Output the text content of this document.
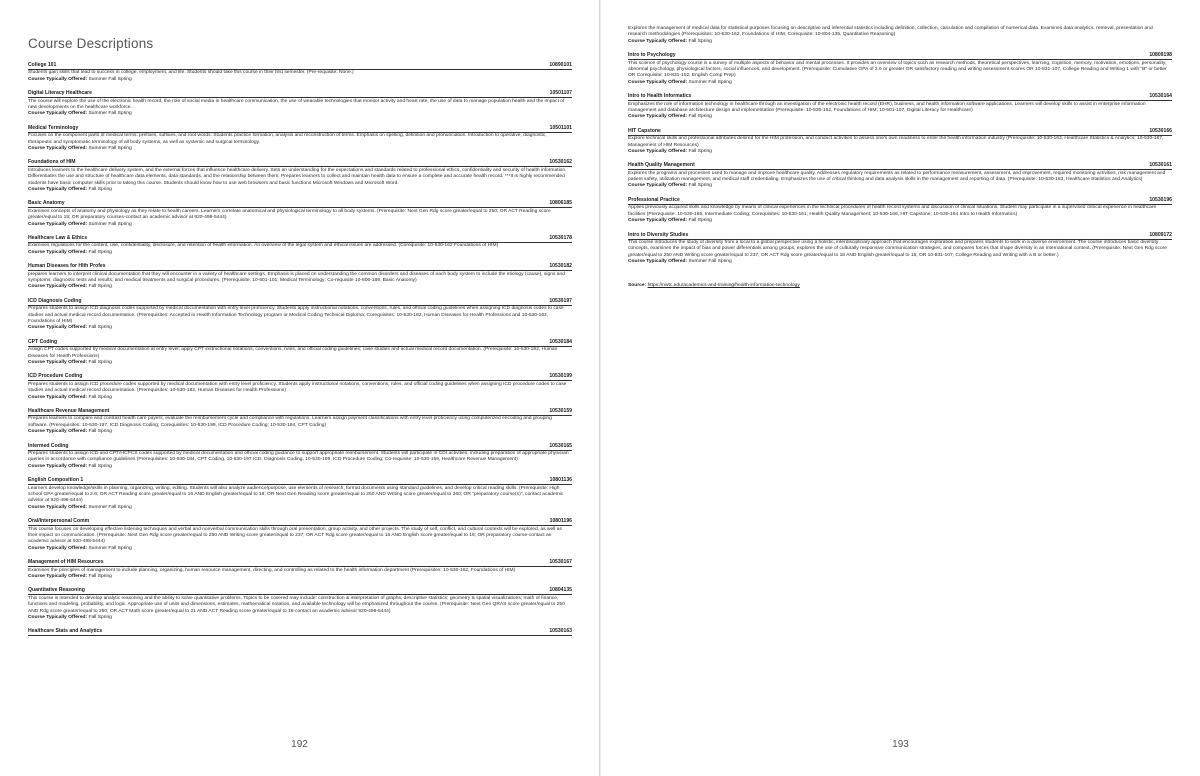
Course Descriptions
College 101	10890101
Students gain skills that lead to success in college, employment, and life. Students should take this course in their first semester. (Pre-requisite: None.)
Course Typically Offered: Summer Fall Spring
Digital Literacy Healthcare	10501107
The course will explore the use of the electronic health record, the role of social media in healthcare communication, the use of wearable technologies that monitor activity and heart rate, the use of data to manage population health and the impact of new developments on the healthcare workforce.
Course Typically Offered: Summer Fall Spring
Medical Terminology	10501101
Focuses on the component parts of medical terms: prefixes, suffixes, and root words. Students practice formation, analysis and reconstruction of terms. Emphasis on spelling, definition and pronunciation. Introduction to operative, diagnostic, therapeutic and symptomatic terminology of all body systems, as well as systemic and surgical terminology.
Course Typically Offered: Summer Fall Spring
Foundations of HIM	10530162
Introduces learners to the healthcare delivery system, and the external forces that influence healthcare delivery. Sets an understanding for the expectations and standards related to professional ethics, confidentiality and security of health information. Differentiates the use and structure of healthcare data elements, data standards, and the relationship between them. Prepares learners to collect and maintain health data to ensure a complete and accurate health record. ***It is highly recommended students have basic computer skills prior to taking this course. Students should know how to use web browsers and basic functions Microsoft Windows and Microsoft Word.
Course Typically Offered: Fall Spring
Basic Anatomy	10806185
Examines concepts of anatomy and physiology as they relate to health careers. Learners correlate anatomical and physiological terminology to all body systems. (Prerequisite: Next Gen Rdg score greater/equal to 250; OR ACT Reading score greater/equal to 15; OR preparatory courses-contact an academic advisor at 920-498-5444)
Course Typically Offered: Summer Fall Spring
Healthcare Law & Ethics	10530178
Examines regulations for the content, use, confidentiality, disclosure, and retention of health information. An overview of the legal system and ethical issues are addressed. (Corequisite: 10-530-162 Foundations of HIM)
Course Typically Offered: Fall Spring
Human Diseases for Hlth Profes	10530182
prepares learners to interpret clinical documentation that they will encounter in a variety of healthcare settings. Emphasis is placed on understanding the common disorders and diseases of each body system to include the etiology (cause), signs and symptoms, diagnostic tests and results, and medical treatments and surgical procedures. (Prerequisite: 10-501-101, Medical Terminology; Co-requisite 10-806-189, Basic Anatomy)
Course Typically Offered: Fall Spring
ICD Diagnosis Coding	10530197
Prepares students to assign ICD diagnosis codes supported by medical documentation with entry level proficiency. Students apply instructional notations, conventions, rules, and official coding guidelines when assigning ICD diagnosis codes to case studies and actual medical record documentation. (Prerequisites: Accepted in Health Information Technology program or Medical Coding Technical Diploma; Corequisites: 10-530-182, Human Diseases for Health Professions and 10-530-162, Foundations of HIM)
Course Typically Offered: Fall Spring
CPT Coding	10530184
Assign CPT codes supported by medical documentation at entry level; apply CPT instructional notations, conventions, rules, and official coding guidelines; case studies and actual medical record documentation. (Prerequisite: 10-530-182, Human Diseases for Health Professions)
Course Typically Offered: Fall Spring
ICD Procedure Coding	10530199
Prepares students to assign ICD procedure codes supported by medical documentation with entry level proficiency. Students apply instructional notations, conventions, rules, and official coding guidelines when assigning ICD procedure codes to case studies and actual medical record documentation. (Prerequisites: 10-530-182, Human Diseases for Health Professions)
Course Typically Offered: Fall Spring
Healthcare Revenue Management	10530159
Prepares learners to compare and contrast health care payers, evaluate the reimbursement cycle and compliance with regulations. Learners assign payment classifications with entry level proficiency using computerized encoding and grouping software. (Prerequisites: 10-530-197, ICD Diagnosis Coding; Corequisites: 10-530-199, ICD Procedure Coding; 10-530-184, CPT Coding)
Course Typically Offered: Fall Spring
Intermed Coding	10530165
Prepares students to assign ICD and CPT/HCPCS codes supported by medical documentation and official coding guidance to support appropriate reimbursement. Students will participate in CDI activities, including preparation of appropriate physician queries in accordance with compliance guidelines (Prerequisites: 10-530-184, CPT Coding, 10-530-197 ICD, Diagnosis Coding, 10-530-199, ICD Procedure Coding; Co-requisite: 10-530-159, Healthcare Revenue Management)
Course Typically Offered: Fall Spring
English Composition 1	10801136
Learners develop knowledge/skills in planning, organizing, writing, editing. Students will also analyze audience/purpose, use elements of research, format documents using standard guidelines, and develop critical reading skills. (Prerequisite: High school GPA greater/equal to 2.6; OR ACT Reading score greater/equal to 16 AND English greater/equal to 18; OR Next Gen Reading score greater/equal to 250 AND Writing score greater/equal to 260; OR "preparatory course(s)", contact academic advisor at 920-498-5444)
Course Typically Offered: Summer Fall Spring
Oral/Interpersonal Comm	10801196
This course focuses on developing effective listening techniques and verbal and nonverbal communication skills through oral presentation, group activity, and other projects. The study of self, conflict, and cultural contexts will be explored, as well as their impact on communication. (Prerequisite: Next Gen Rdg score greater/equal to 250 AND Writing score greater/equal to 237; OR ACT Rdg score greater/equal to 16 AND English score greater/equal to 16; OR preparatory course-contact an academic advisor at 920-498-5444)
Course Typically Offered: Summer Fall Spring
Management of HIM Resources	10530167
Examines the principles of management to include planning, organizing, human resource management, directing, and controlling as related to the health information department (Prerequisites: 10-530-162, Foundations of HIM)
Course Typically Offered: Fall Spring
Quantitative Reasoning	10804135
This course is intended to develop analytic reasoning and the ability to solve quantitative problems. Topics to be covered may include: construction & interpretation of graphs, descriptive statistics; geometry & spatial visualizations; math of finance, functions and modeling, probability, and logic. Appropriate use of units and dimensions, estimates, mathematical notation, and available technology will be emphasized throughout the course. (Prerequisite: Next Gen QRAS score greater/equal to 250 AND Rdg score greater/equal to 250; OR ACT Math score greater/equal to 21 AND ACT Reading score greater/equal to 16-contact an academic advisor 920-498-5444)
Course Typically Offered: Fall Spring
Healthcare Stats and Analytics	10530163
192
Explores the management of medical data for statistical purposes focusing on descriptive and inferential statistics including definition, collection, calculation and compilation of numerical data. Examines data analytics, retrieval, presentation and research methodologies (Prerequisites: 10-530-162, Foundations of HIM, Corequisite: 10-804-135, Quantitative Reasoning)
Course Typically Offered: Fall Spring
Intro to Psychology	10809198
This science of psychology course is a survey of multiple aspects of behavior and mental processes. It provides an overview of topics such as research methods, theoretical perspectives, learning, cognition, memory, motivation, emotions, personality, abnormal psychology, physiological factors, social influences, and development. (Prerequisite: Cumulative GPA of 2.6 or greater OR satisfactory reading and writing assessment scores OR 10-831-107, College Reading and Writing 1 with "B" or better OR Corequisite: 10-831-102, English Comp Prep)
Course Typically Offered: Summer Fall Spring
Intro to Health Informatics	10530164
Emphasizes the role of information technology in healthcare through an investigation of the electronic health record (EHR), business, and health information software applications. Learners will develop skills to assist in enterprise information management and database architecture design and implementation (Prerequisite: 10-530-162, Foundations of HIM; 10-501-107, Digital Literacy for Healthcare)
Course Typically Offered: Fall Spring
HIT Capstone	10530166
Explore technical skills and professional attributes desired for the HIM profession, and conduct activities to assess one's own readiness to enter the health information industry (Prerequisite: 10-530-163, Healthcare Statistics & Analytics; 10-530-167, Management of HIM Resources)
Course Typically Offered: Fall Spring
Health Quality Management	10530161
Explores the programs and processes used to manage and improve healthcare quality. Addresses regulatory requirements as related to performance measurement, assessment, and improvement, required monitoring activities, risk management and patient safety, utilization management, and medical staff credentialing. Emphasizes the use of critical thinking and data analysis skills in the management and reporting of data. (Prerequisite: 10-530-163, Healthcare Statistics and Analytics)
Course Typically Offered: Fall Spring
Professional Practice	10530196
Applies previously acquired skills and knowledge by means of clinical experiences in the technical procedures of health record systems and discussion of clinical situations. Student may participate in a supervised clinical experience in healthcare facilities (Prerequisite: 10-530-165, Intermediate Coding; Corequisites: 10-530-161, Health Quality Management; 10-530-166, HIT Capstone; 10-530-164 Intro to Health Informatics)
Course Typically Offered: Fall Spring
Intro to Diversity Studies	10809172
This course introduces the study of diversity from a local to a global perspective using a holistic, interdisciplinary approach that encourages exploration and prepares students to work in a diverse environment. The course introduces basic diversity concepts, examines the impact of bias and power differentials among groups, explores the use of culturally responsive communication strategies, and compares forces that shape diversity in an international context. (Prerequisite: Next Gen Rdg score greater/equal to 250 AND Writing score greater/equal to 237, OR ACT Rdg score greater/equal to 16 AND English greater/equal to 15; OR 10-831-107, College Reading and Writing with a B or better.)
Course Typically Offered: Summer Fall Spring
Source: https://nwtc.edu/academics-and-training/health-information-technology
193
